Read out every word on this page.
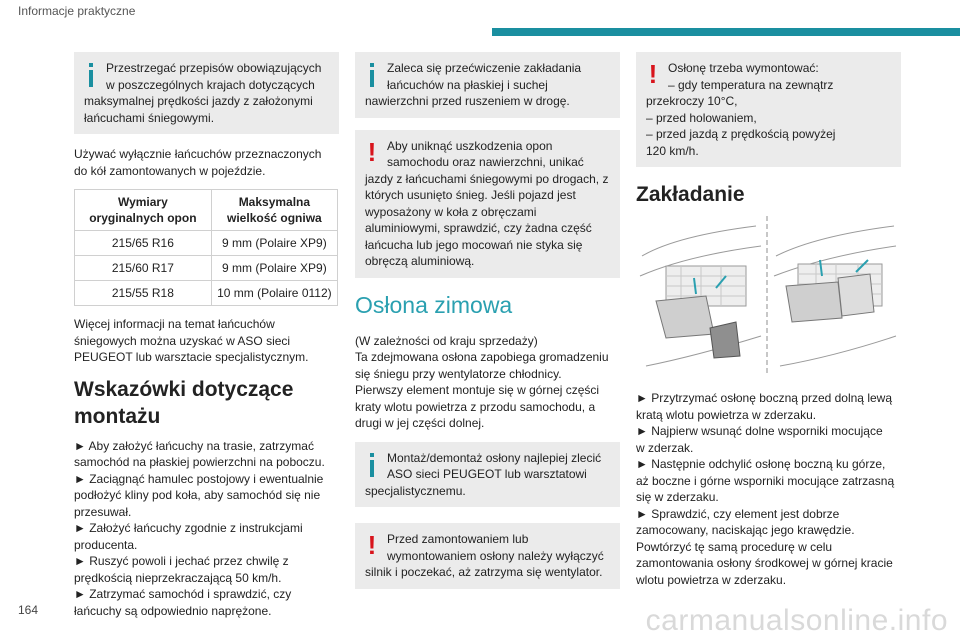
Informacje praktyczne
Przestrzegać przepisów obowiązujących
w poszczególnych krajach dotyczących
maksymalnej prędkości jazdy z założonymi
łańcuchami śniegowymi.
Używać wyłącznie łańcuchów przeznaczonych
do kół zamontowanych w pojeździe.
Wymiary oryginalnych opon	Maksymalna wielkość ogniwa
215/65 R16	9 mm (Polaire XP9)
215/60 R17	9 mm (Polaire XP9)
215/55 R18	10 mm (Polaire 0112)
Więcej informacji na temat łańcuchów
śniegowych można uzyskać w ASO sieci
PEUGEOT lub warsztacie specjalistycznym.
Wskazówki dotyczące montażu
► Aby założyć łańcuchy na trasie, zatrzymać
samochód na płaskiej powierzchni na poboczu.
► Zaciągnąć hamulec postojowy i ewentualnie
podłożyć kliny pod koła, aby samochód się nie
przesuwał.
► Założyć łańcuchy zgodnie z instrukcjami
producenta.
► Ruszyć powoli i jechać przez chwilę z
prędkością nieprzekraczającą 50 km/h.
► Zatrzymać samochód i sprawdzić, czy
łańcuchy są odpowiednio naprężone.
Zaleca się przećwiczenie zakładania
łańcuchów na płaskiej i suchej
nawierzchni przed ruszeniem w drogę.
! Aby uniknąć uszkodzenia opon
samochodu oraz nawierzchni, unikać
jazdy z łańcuchami śniegowymi po drogach, z
których usunięto śnieg. Jeśli pojazd jest
wyposażony w koła z obręczami
aluminiowymi, sprawdzić, czy żadna część
łańcucha lub jego mocowań nie styka się
obręczą aluminiową.
Osłona zimowa
(W zależności od kraju sprzedaży)
Ta zdejmowana osłona zapobiega gromadzeniu
się śniegu przy wentylatorze chłodnicy.
Pierwszy element montuje się w górnej części
kraty wlotu powietrza z przodu samochodu, a
drugi w jej części dolnej.
Montaż/demontaż osłony najlepiej zlecić
ASO sieci PEUGEOT lub warsztatowi
specjalistycznemu.
! Przed zamontowaniem lub
wymontowaniem osłony należy wyłączyć
silnik i poczekać, aż zatrzyma się wentylator.
! Osłonę trzeba wymontować:
– gdy temperatura na zewnątrz
przekroczy 10°C,
– przed holowaniem,
– przed jazdą z prędkością powyżej
120 km/h.
Zakładanie
► Przytrzymać osłonę boczną przed dolną lewą
kratą wlotu powietrza w zderzaku.
► Najpierw wsunąć dolne wsporniki mocujące
w zderzak.
► Następnie odchylić osłonę boczną ku górze,
aż boczne i górne wsporniki mocujące zatrzasną
się w zderzaku.
► Sprawdzić, czy element jest dobrze
zamocowany, naciskając jego krawędzie.
Powtórzyć tę samą procedurę w celu
zamontowania osłony środkowej w górnej kracie
wlotu powietrza w zderzaku.
164	carmanualsonline.info
